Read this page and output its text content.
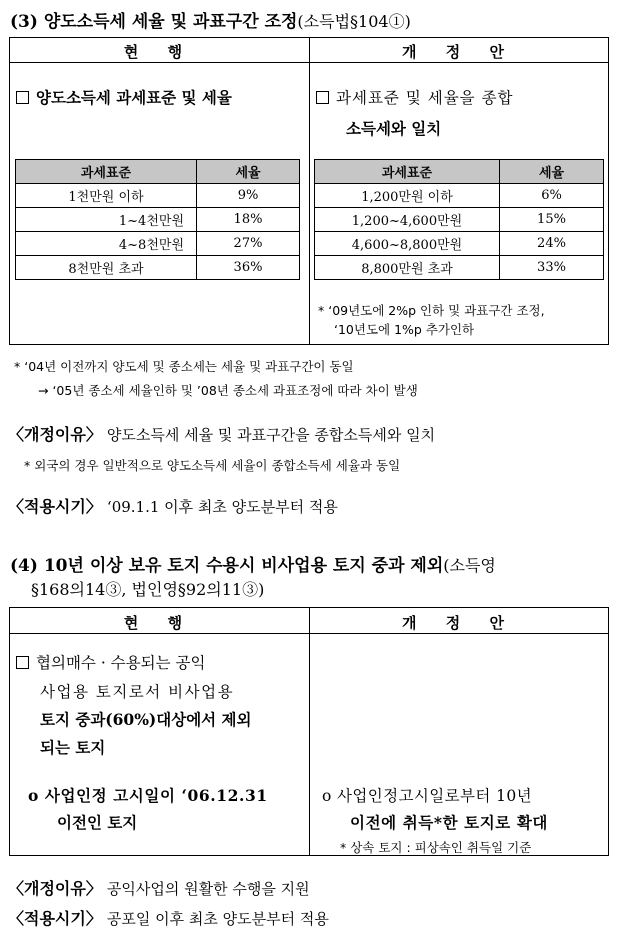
(3) 양도소득세 세율 및 과표구간 조정(소득법§104①)
현 행	개 정 안
양도소득세 과세표준 및 세율	과세표준 및 세율을 종합
소득세와 일치
과세표준	세율
1천만원 이하	9%
1~4천만원	18%
4~8천만원	27%
8천만원 초과	36%
과세표준	세율
1,200만원 이하	6%
1,200~4,600만원	15%
4,600~8,800만원	24%
8,800만원 초과	33%
* ‘09년도에 2%p 인하 및 과표구간 조정,
‘10년도에 1%p 추가인하
* ‘04년 이전까지 양도세 및 종소세는 세율 및 과표구간이 동일
→ ‘05년 종소세 세율인하 및 ’08년 종소세 과표조정에 따라 차이 발생
〈개정이유〉 양도소득세 세율 및 과표구간을 종합소득세와 일치
* 외국의 경우 일반적으로 양도소득세 세율이 종합소득세 세율과 동일
〈적용시기〉 ‘09.1.1 이후 최초 양도분부터 적용
(4) 10년 이상 보유 토지 수용시 비사업용 토지 중과 제외(소득영
§168의14③, 법인영§92의11③)
현 행	개 정 안
협의매수 · 수용되는 공익
사업용 토지로서 비사업용
토지 중과(60%)대상에서 제외
되는 토지
o 사업인정 고시일이 ‘06.12.31
이전인 토지
o 사업인정고시일로부터 10년
이전에 취득*한 토지로 확대
* 상속 토지 : 피상속인 취득일 기준
〈개정이유〉 공익사업의 원활한 수행을 지원
〈적용시기〉 공포일 이후 최초 양도분부터 적용
